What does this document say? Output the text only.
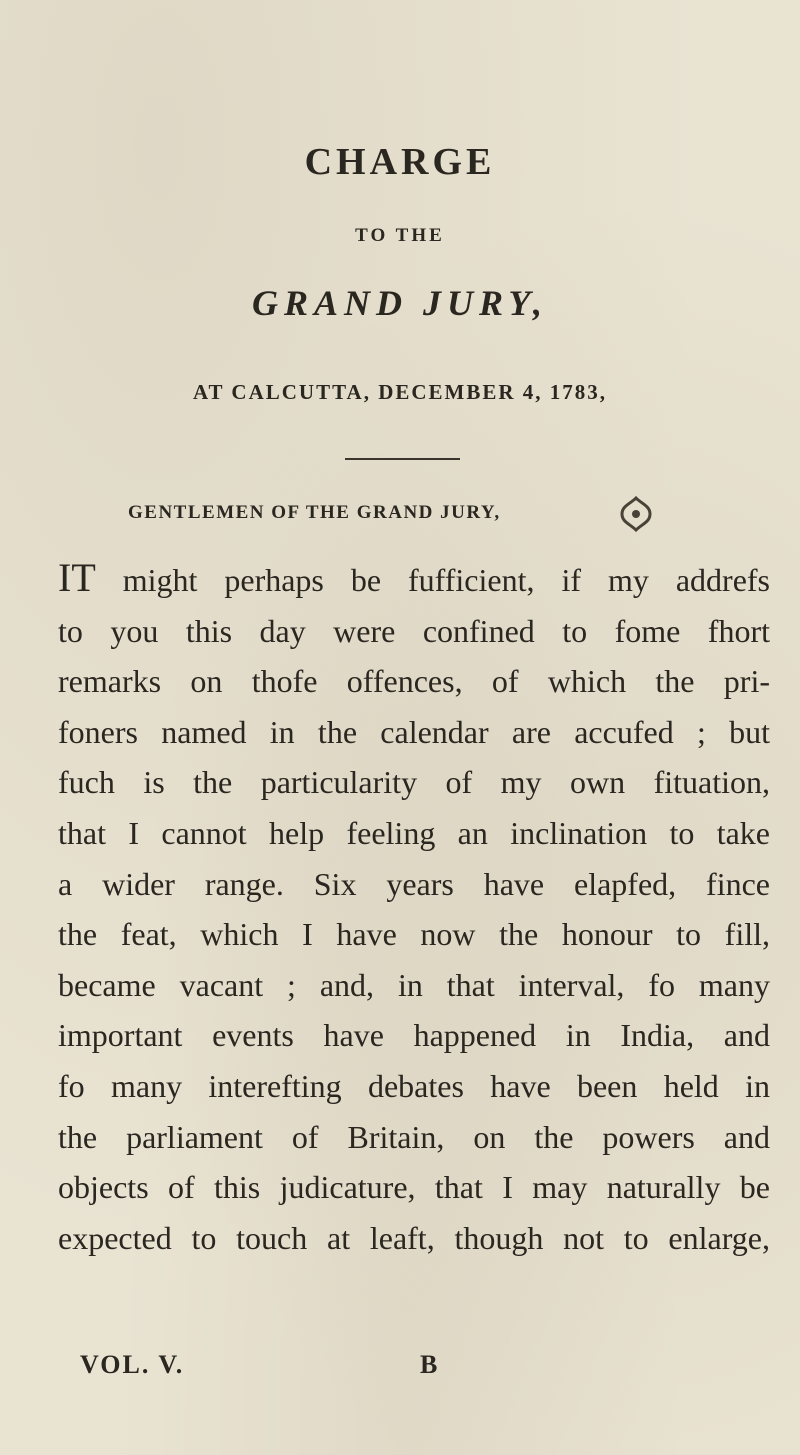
CHARGE
TO THE
GRAND JURY,
AT CALCUTTA, DECEMBER 4, 1783,
GENTLEMEN OF THE GRAND JURY,
IT might perhaps be fufficient, if my addrefs
to you this day were confined to fome fhort
remarks on thofe offences, of which the pri-
foners named in the calendar are accufed ; but
fuch is the particularity of my own fituation,
that I cannot help feeling an inclination to take
a wider range. Six years have elapfed, fince
the feat, which I have now the honour to fill,
became vacant ; and, in that interval, fo many
important events have happened in India, and
fo many interefting debates have been held in
the parliament of Britain, on the powers and
objects of this judicature, that I may naturally be
expected to touch at leaft, though not to enlarge,
VOL. V.	B
